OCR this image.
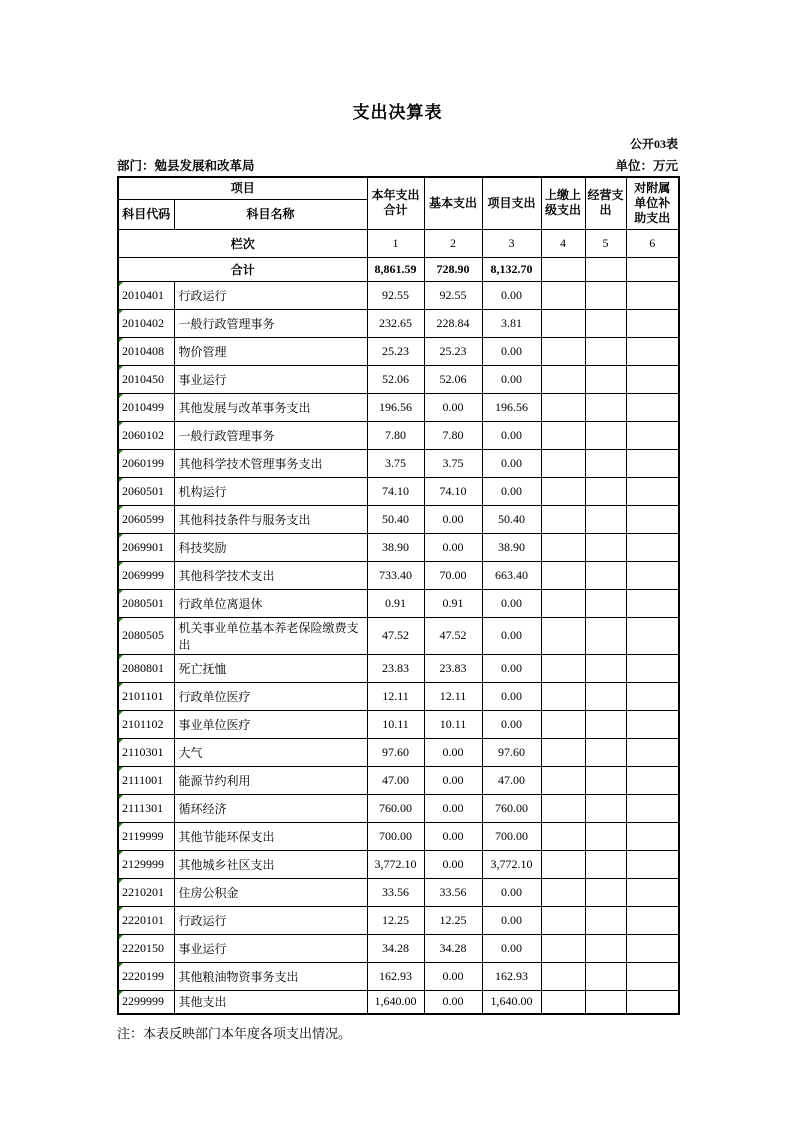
支出决算表
公开03表
部门：勉县发展和改革局	单位：万元
项目		本年支出合计	基本支出	项目支出	上缴上级支出	经营支出	对附属单位补助支出
科目代码	科目名称						
栏次		1	2	3	4	5	6
合计		8,861.59	728.90	8,132.70			

2010401	行政运行	92.55	92.55	0.00			

2010402	一般行政管理事务	232.65	228.84	3.81			

2010408	物价管理	25.23	25.23	0.00			

2010450	事业运行	52.06	52.06	0.00			

2010499	其他发展与改革事务支出	196.56	0.00	196.56			

2060102	一般行政管理事务	7.80	7.80	0.00			

2060199	其他科学技术管理事务支出	3.75	3.75	0.00			

2060501	机构运行	74.10	74.10	0.00			

2060599	其他科技条件与服务支出	50.40	0.00	50.40			

2069901	科技奖励	38.90	0.00	38.90			

2069999	其他科学技术支出	733.40	70.00	663.40			

2080501	行政单位离退休	0.91	0.91	0.00			

2080505	机关事业单位基本养老保险缴费支出	47.52	47.52	0.00			

2080801	死亡抚恤	23.83	23.83	0.00			

2101101	行政单位医疗	12.11	12.11	0.00			

2101102	事业单位医疗	10.11	10.11	0.00			

2110301	大气	97.60	0.00	97.60			

2111001	能源节约利用	47.00	0.00	47.00			

2111301	循环经济	760.00	0.00	760.00			

2119999	其他节能环保支出	700.00	0.00	700.00			

2129999	其他城乡社区支出	3,772.10	0.00	3,772.10			

2210201	住房公积金	33.56	33.56	0.00			

2220101	行政运行	12.25	12.25	0.00			

2220150	事业运行	34.28	34.28	0.00			

2220199	其他粮油物资事务支出	162.93	0.00	162.93			

2299999	其他支出	1,640.00	0.00	1,640.00			
注：本表反映部门本年度各项支出情况。
